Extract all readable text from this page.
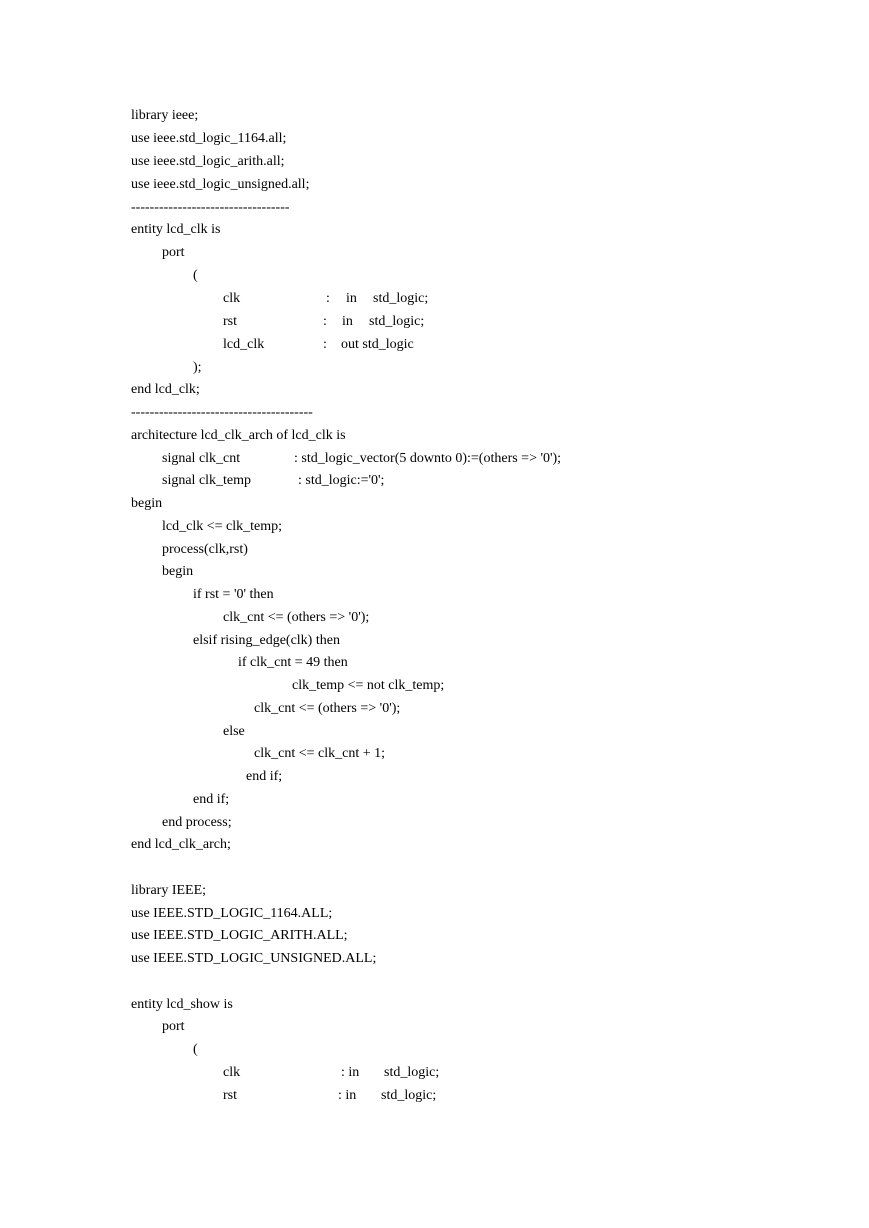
library ieee;
use ieee.std_logic_1164.all;
use ieee.std_logic_arith.all;
use ieee.std_logic_unsigned.all;
----------------------------------
entity lcd_clk is
port
(
clk	: in std_logic;
rst	: in std_logic;
lcd_clk	: out std_logic
);
end lcd_clk;
---------------------------------------
architecture lcd_clk_arch of lcd_clk is
signal clk_cnt	: std_logic_vector(5 downto 0):=(others => '0');
signal clk_temp	: std_logic:='0';
begin
lcd_clk <= clk_temp;
process(clk,rst)
begin
if rst = '0' then
clk_cnt <= (others => '0');
elsif rising_edge(clk) then
if clk_cnt = 49 then
clk_temp <= not clk_temp;
clk_cnt <= (others => '0');
else
clk_cnt <= clk_cnt + 1;
end if;
end if;
end process;
end lcd_clk_arch;
library IEEE;
use IEEE.STD_LOGIC_1164.ALL;
use IEEE.STD_LOGIC_ARITH.ALL;
use IEEE.STD_LOGIC_UNSIGNED.ALL;
entity lcd_show is
port
(
clk	: in std_logic;
rst	: in std_logic;
